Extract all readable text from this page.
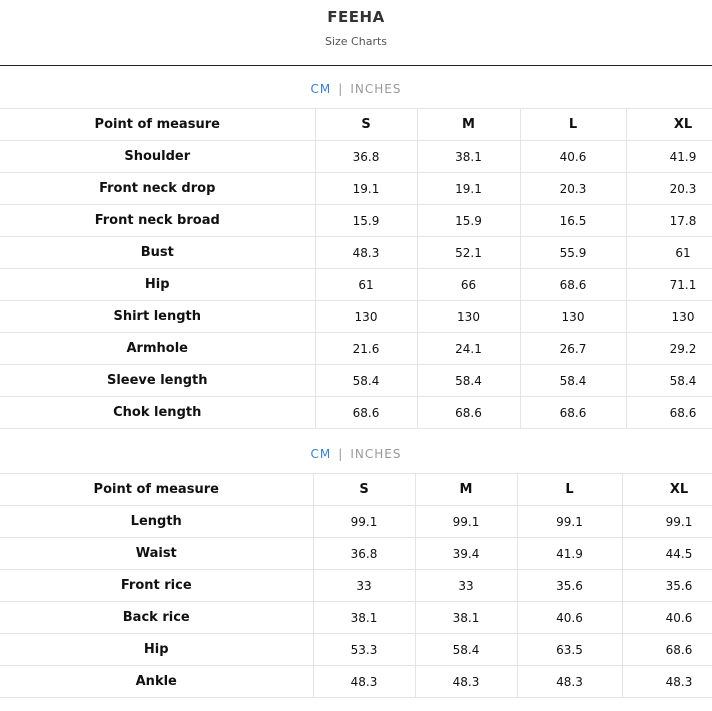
FEEHA
Size Charts
CM | INCHES
Point of measure	S	M	L	XL
Shoulder	36.8	38.1	40.6	41.9
Front neck drop	19.1	19.1	20.3	20.3
Front neck broad	15.9	15.9	16.5	17.8
Bust	48.3	52.1	55.9	61
Hip	61	66	68.6	71.1
Shirt length	130	130	130	130
Armhole	21.6	24.1	26.7	29.2
Sleeve length	58.4	58.4	58.4	58.4
Chok length	68.6	68.6	68.6	68.6
CM | INCHES
Point of measure	S	M	L	XL
Length	99.1	99.1	99.1	99.1
Waist	36.8	39.4	41.9	44.5
Front rice	33	33	35.6	35.6
Back rice	38.1	38.1	40.6	40.6
Hip	53.3	58.4	63.5	68.6
Ankle	48.3	48.3	48.3	48.3
